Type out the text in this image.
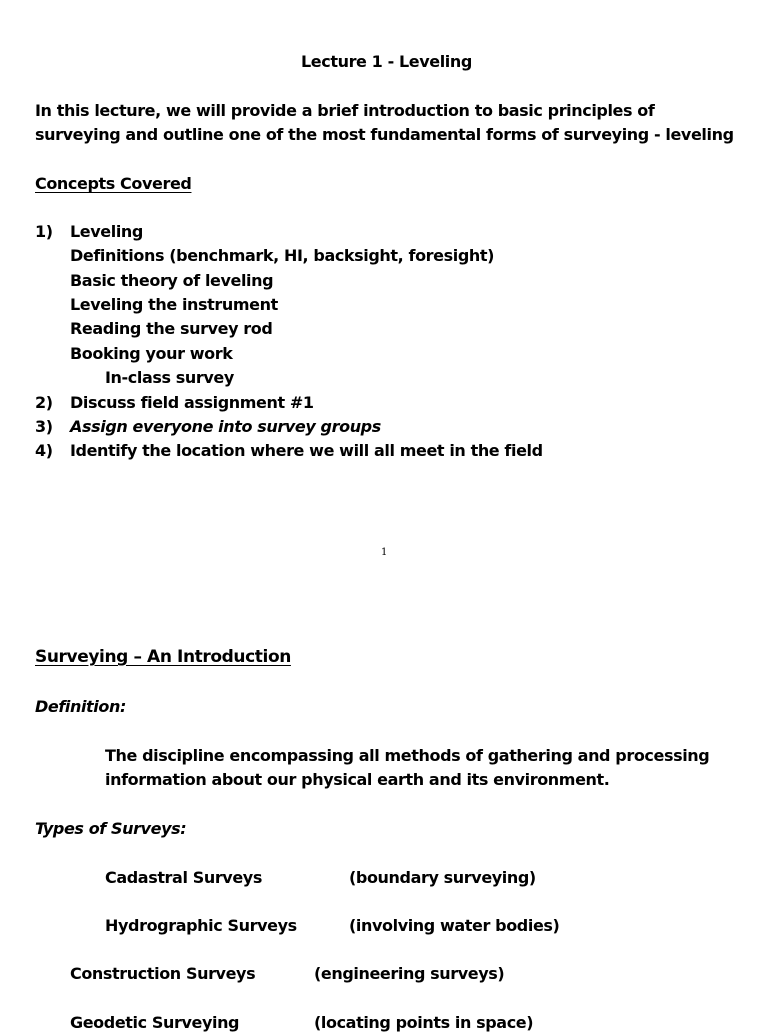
Lecture 1 - Leveling
In this lecture, we will provide a brief introduction to basic principles of
surveying and outline one of the most fundamental forms of surveying - leveling
Concepts Covered
1) Leveling
Definitions (benchmark, HI, backsight, foresight)
Basic theory of leveling
Leveling the instrument
Reading the survey rod
Booking your work
In-class survey
2) Discuss field assignment #1
3) Assign everyone into survey groups
4) Identify the location where we will all meet in the field
1
Surveying – An Introduction
Definition:
The discipline encompassing all methods of gathering and processing
information about our physical earth and its environment.
Types of Surveys:
Cadastral Surveys	(boundary surveying)
Hydrographic Surveys	(involving water bodies)
Construction Surveys	(engineering surveys)
Geodetic Surveying	(locating points in space)
